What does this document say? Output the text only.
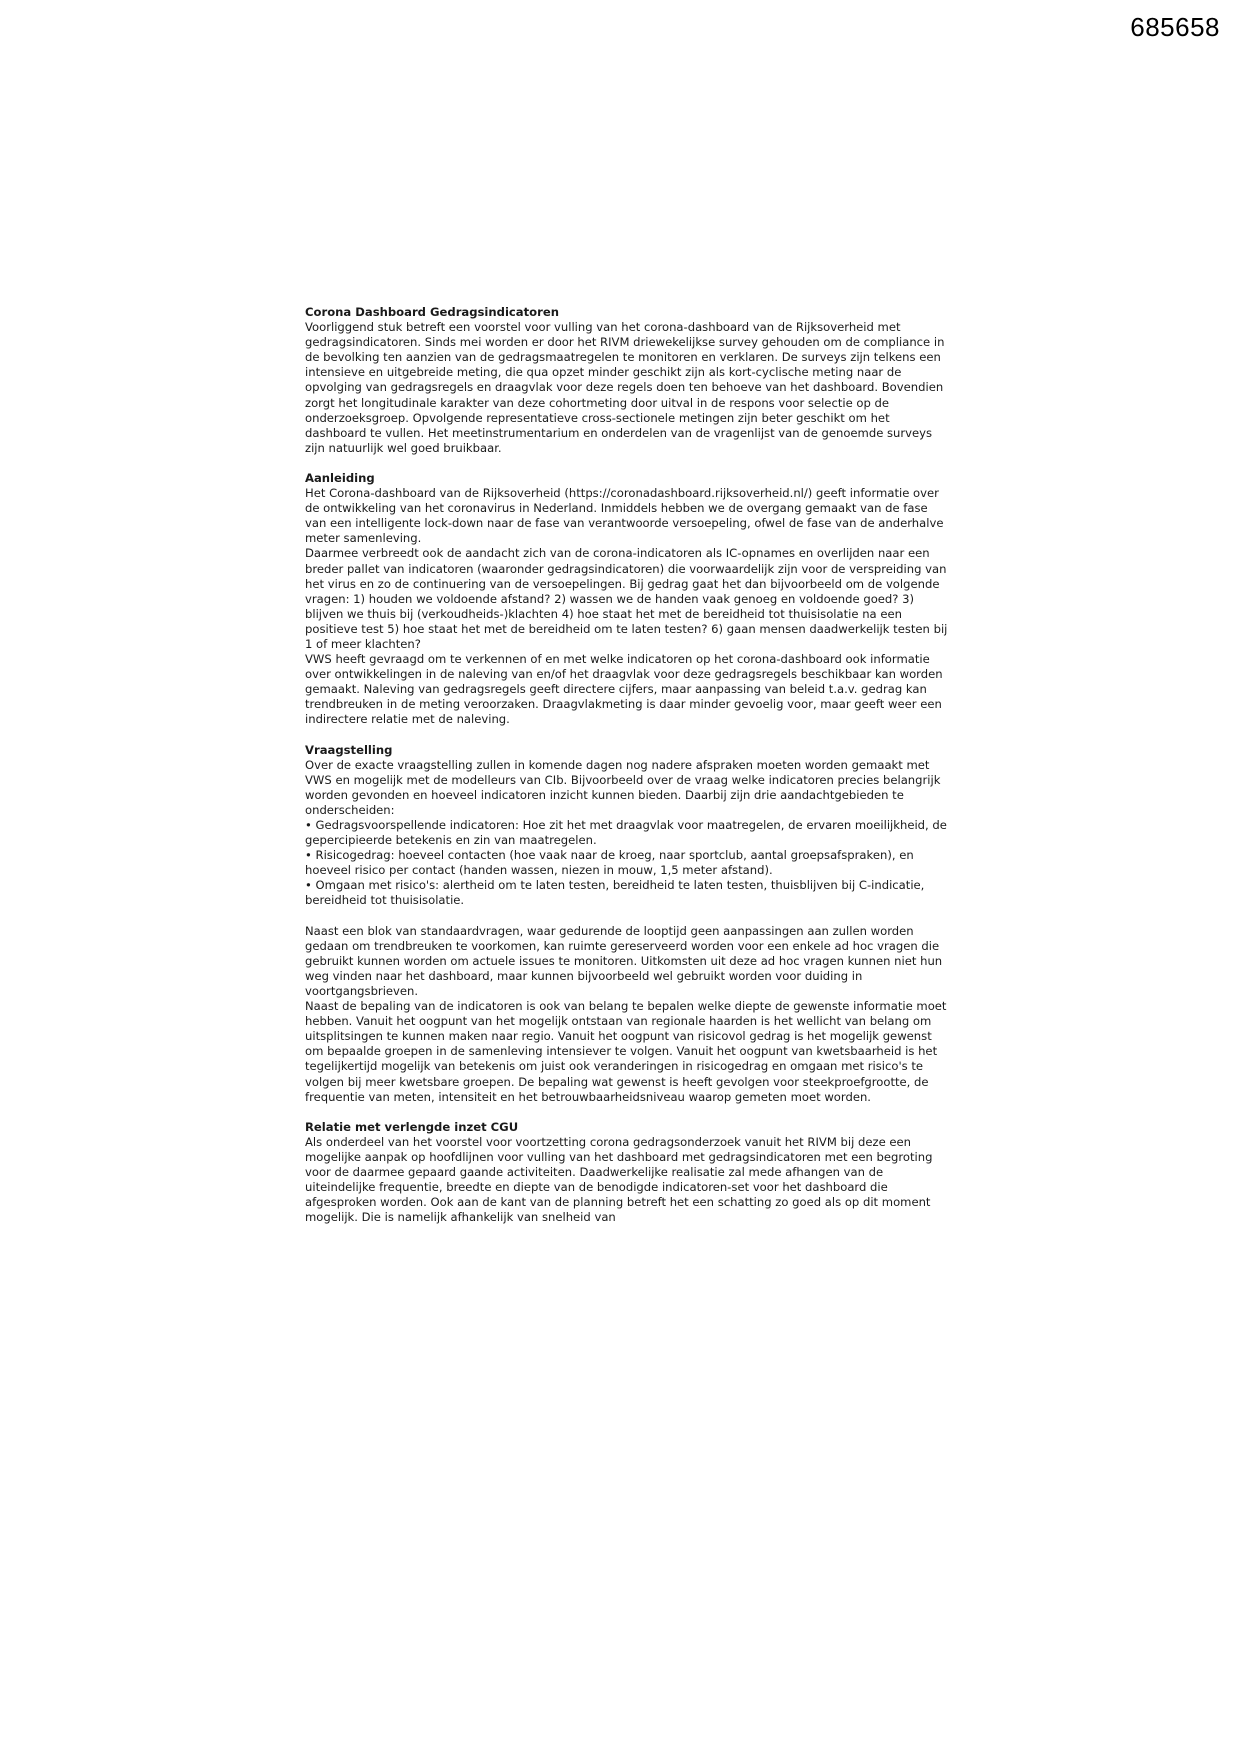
685658

Corona Dashboard Gedragsindicatoren

Voorliggend stuk betreft een voorstel voor vulling van het corona-dashboard van de Rijksoverheid met gedragsindicatoren. Sinds mei worden er door het RIVM driewekelijkse survey gehouden om de compliance in de bevolking ten aanzien van de gedragsmaatregelen te monitoren en verklaren. De surveys zijn telkens een intensieve en uitgebreide meting, die qua opzet minder geschikt zijn als kort-cyclische meting naar de opvolging van gedragsregels en draagvlak voor deze regels doen ten behoeve van het dashboard. Bovendien zorgt het longitudinale karakter van deze cohortmeting door uitval in de respons voor selectie op de onderzoeksgroep. Opvolgende representatieve cross-sectionele metingen zijn beter geschikt om het dashboard te vullen. Het meetinstrumentarium en onderdelen van de vragenlijst van de genoemde surveys zijn natuurlijk wel goed bruikbaar.

Aanleiding

Het Corona-dashboard van de Rijksoverheid (https://coronadashboard.rijksoverheid.nl/) geeft informatie over de ontwikkeling van het coronavirus in Nederland. Inmiddels hebben we de overgang gemaakt van de fase van een intelligente lock-down naar de fase van verantwoorde versoepeling, ofwel de fase van de anderhalve meter samenleving.

Daarmee verbreedt ook de aandacht zich van de corona-indicatoren als IC-opnames en overlijden naar een breder pallet van indicatoren (waaronder gedragsindicatoren) die voorwaardelijk zijn voor de verspreiding van het virus en zo de continuering van de versoepelingen. Bij gedrag gaat het dan bijvoorbeeld om de volgende vragen: 1) houden we voldoende afstand? 2) wassen we de handen vaak genoeg en voldoende goed? 3) blijven we thuis bij (verkoudheids-)klachten 4) hoe staat het met de bereidheid tot thuisisolatie na een positieve test 5) hoe staat het met de bereidheid om te laten testen? 6) gaan mensen daadwerkelijk testen bij 1 of meer klachten?

VWS heeft gevraagd om te verkennen of en met welke indicatoren op het corona-dashboard ook informatie over ontwikkelingen in de naleving van en/of het draagvlak voor deze gedragsregels beschikbaar kan worden gemaakt. Naleving van gedragsregels geeft directere cijfers, maar aanpassing van beleid t.a.v. gedrag kan trendbreuken in de meting veroorzaken. Draagvlakmeting is daar minder gevoelig voor, maar geeft weer een indirectere relatie met de naleving.

Vraagstelling

Over de exacte vraagstelling zullen in komende dagen nog nadere afspraken moeten worden gemaakt met VWS en mogelijk met de modelleurs van CIb. Bijvoorbeeld over de vraag welke indicatoren precies belangrijk worden gevonden en hoeveel indicatoren inzicht kunnen bieden. Daarbij zijn drie aandachtgebieden te onderscheiden:

• Gedragsvoorspellende indicatoren: Hoe zit het met draagvlak voor maatregelen, de ervaren moeilijkheid, de gepercipieerde betekenis en zin van maatregelen.

• Risicogedrag: hoeveel contacten (hoe vaak naar de kroeg, naar sportclub, aantal groepsafspraken), en hoeveel risico per contact (handen wassen, niezen in mouw, 1,5 meter afstand).

• Omgaan met risico's: alertheid om te laten testen, bereidheid te laten testen, thuisblijven bij C-indicatie, bereidheid tot thuisisolatie.

Naast een blok van standaardvragen, waar gedurende de looptijd geen aanpassingen aan zullen worden gedaan om trendbreuken te voorkomen, kan ruimte gereserveerd worden voor een enkele ad hoc vragen die gebruikt kunnen worden om actuele issues te monitoren. Uitkomsten uit deze ad hoc vragen kunnen niet hun weg vinden naar het dashboard, maar kunnen bijvoorbeeld wel gebruikt worden voor duiding in voortgangsbrieven.

Naast de bepaling van de indicatoren is ook van belang te bepalen welke diepte de gewenste informatie moet hebben. Vanuit het oogpunt van het mogelijk ontstaan van regionale haarden is het wellicht van belang om uitsplitsingen te kunnen maken naar regio. Vanuit het oogpunt van risicovol gedrag is het mogelijk gewenst om bepaalde groepen in de samenleving intensiever te volgen. Vanuit het oogpunt van kwetsbaarheid is het tegelijkertijd mogelijk van betekenis om juist ook veranderingen in risicogedrag en omgaan met risico's te volgen bij meer kwetsbare groepen. De bepaling wat gewenst is heeft gevolgen voor steekproefgrootte, de frequentie van meten, intensiteit en het betrouwbaarheidsniveau waarop gemeten moet worden.

Relatie met verlengde inzet CGU

Als onderdeel van het voorstel voor voortzetting corona gedragsonderzoek vanuit het RIVM bij deze een mogelijke aanpak op hoofdlijnen voor vulling van het dashboard met gedragsindicatoren met een begroting voor de daarmee gepaard gaande activiteiten. Daadwerkelijke realisatie zal mede afhangen van de uiteindelijke frequentie, breedte en diepte van de benodigde indicatoren-set voor het dashboard die afgesproken worden. Ook aan de kant van de planning betreft het een schatting zo goed als op dit moment mogelijk. Die is namelijk afhankelijk van snelheid van
